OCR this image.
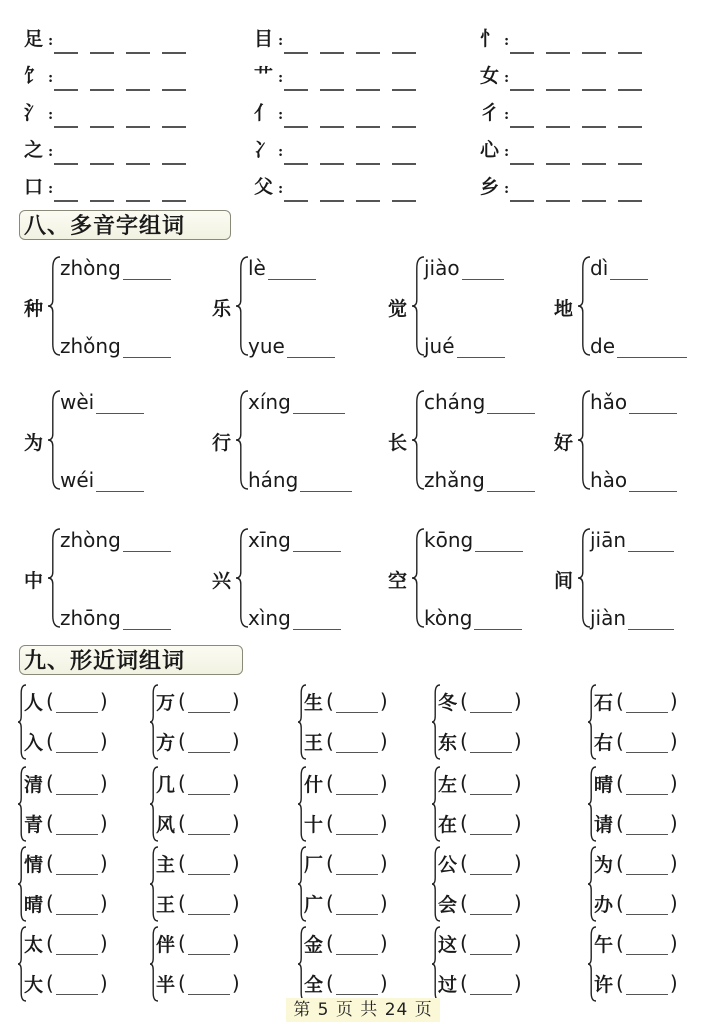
足 :
饣 :
氵 :
之 :
口 :
目 :
艹 :
亻 :
冫 :
父 :
忄 :
女 :
彳 :
心 :
乡 :
八、多音字组词
种
zhòng
zhǒng
乐
lè
yue
觉
jiào
jué
地
dì
de
为
wèi
wéi
行
xíng
háng
长
cháng
zhǎng
好
hǎo
hào
中
zhòng
zhōng
兴
xīng
xìng
空
kōng
kòng
间
jiān
jiàn
九、形近词组词
人 ( )
入 ( )
万 ( )
方 ( )
生 ( )
王 ( )
冬 ( )
东 ( )
石 ( )
右 ( )
清 ( )
青 ( )
几 ( )
风 ( )
什 ( )
十 ( )
左 ( )
在 ( )
晴 ( )
请 ( )
情 ( )
晴 ( )
主 ( )
王 ( )
厂 ( )
广 ( )
公 ( )
会 ( )
为 ( )
办 ( )
太 ( )
大 ( )
伴 ( )
半 ( )
金 ( )
全 ( )
这 ( )
过 ( )
午 ( )
许 ( )
第 5 页 共 24 页
